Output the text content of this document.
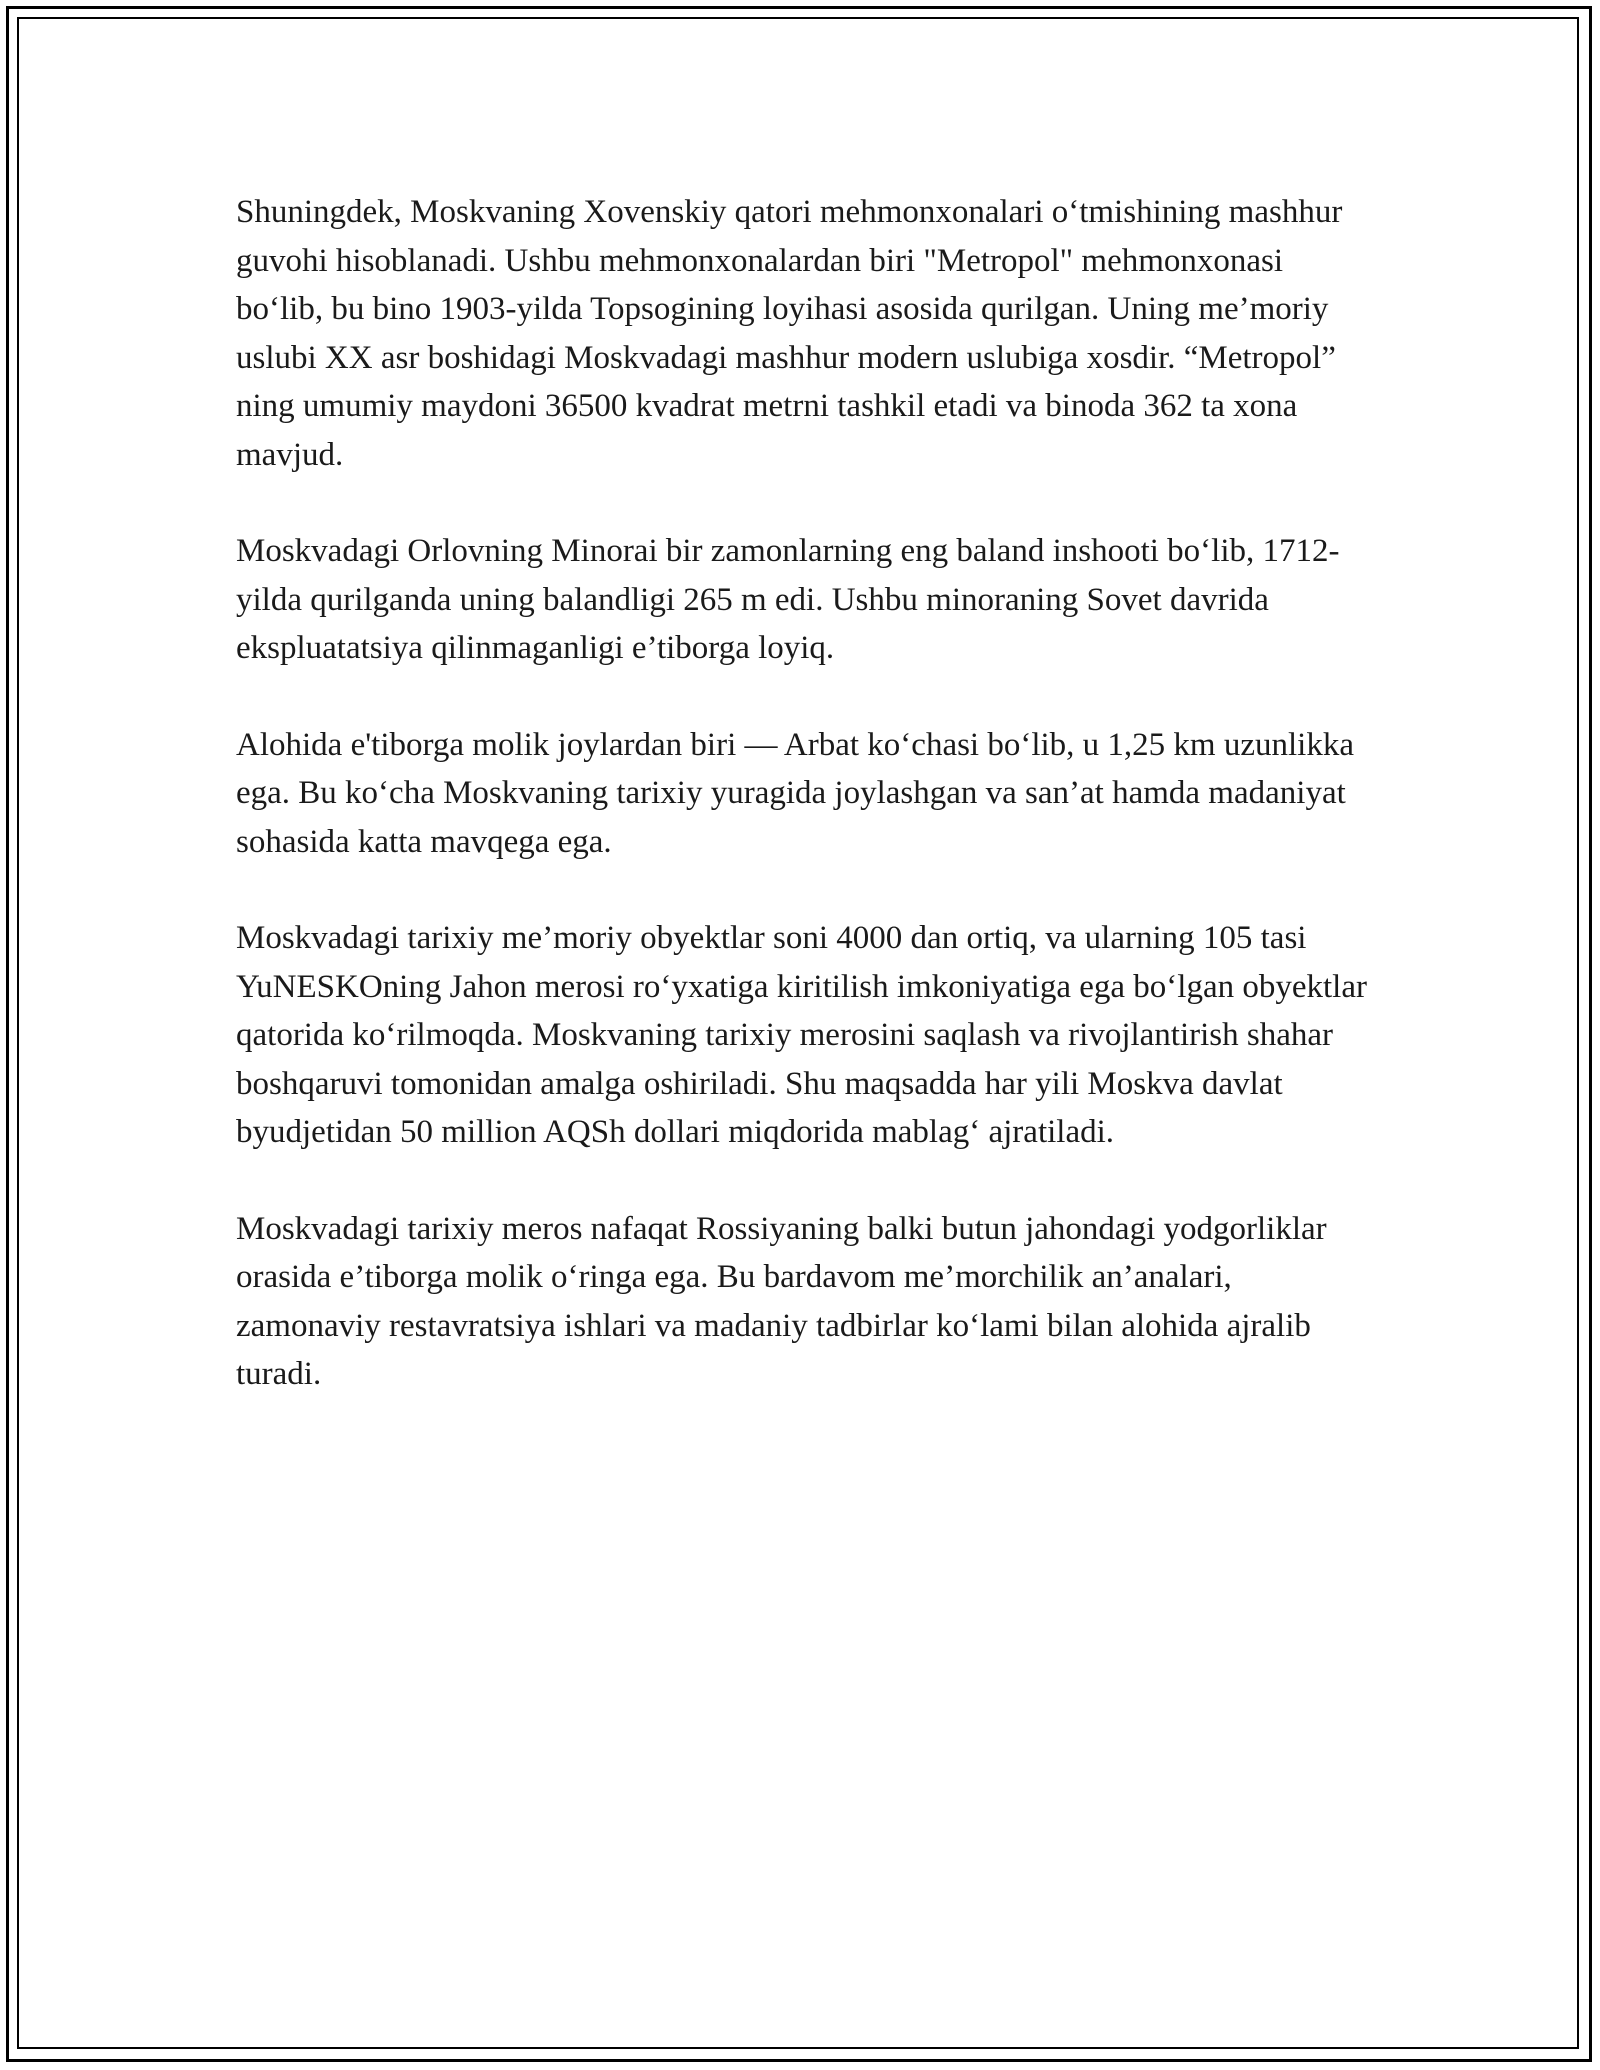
Shuningdek, Moskvaning Xovenskiy qatori mehmonxonalari o‘tmishining mashhur guvohi hisoblanadi. Ushbu mehmonxonalardan biri "Metropol" mehmonxonasi bo‘lib, bu bino 1903-yilda Topsogining loyihasi asosida qurilgan. Uning me’moriy uslubi XX asr boshidagi Moskvadagi mashhur modern uslubiga xosdir. “Metropol” ning umumiy maydoni 36500 kvadrat metrni tashkil etadi va binoda 362 ta xona mavjud.

Moskvadagi Orlovning Minorai bir zamonlarning eng baland inshooti bo‘lib, 1712-yilda qurilganda uning balandligi 265 m edi. Ushbu minoraning Sovet davrida ekspluatatsiya qilinmaganligi e’tiborga loyiq.

Alohida e'tiborga molik joylardan biri — Arbat ko‘chasi bo‘lib, u 1,25 km uzunlikka ega. Bu ko‘cha Moskvaning tarixiy yuragida joylashgan va san’at hamda madaniyat sohasida katta mavqega ega.

Moskvadagi tarixiy me’moriy obyektlar soni 4000 dan ortiq, va ularning 105 tasi YuNESKOning Jahon merosi ro‘yxatiga kiritilish imkoniyatiga ega bo‘lgan obyektlar qatorida ko‘rilmoqda. Moskvaning tarixiy merosini saqlash va rivojlantirish shahar boshqaruvi tomonidan amalga oshiriladi. Shu maqsadda har yili Moskva davlat byudjetidan 50 million AQSh dollari miqdorida mablag‘ ajratiladi.

Moskvadagi tarixiy meros nafaqat Rossiyaning balki butun jahondagi yodgorliklar orasida e’tiborga molik o‘ringa ega. Bu bardavom me’morchilik an’analari, zamonaviy restavratsiya ishlari va madaniy tadbirlar ko‘lami bilan alohida ajralib turadi.
